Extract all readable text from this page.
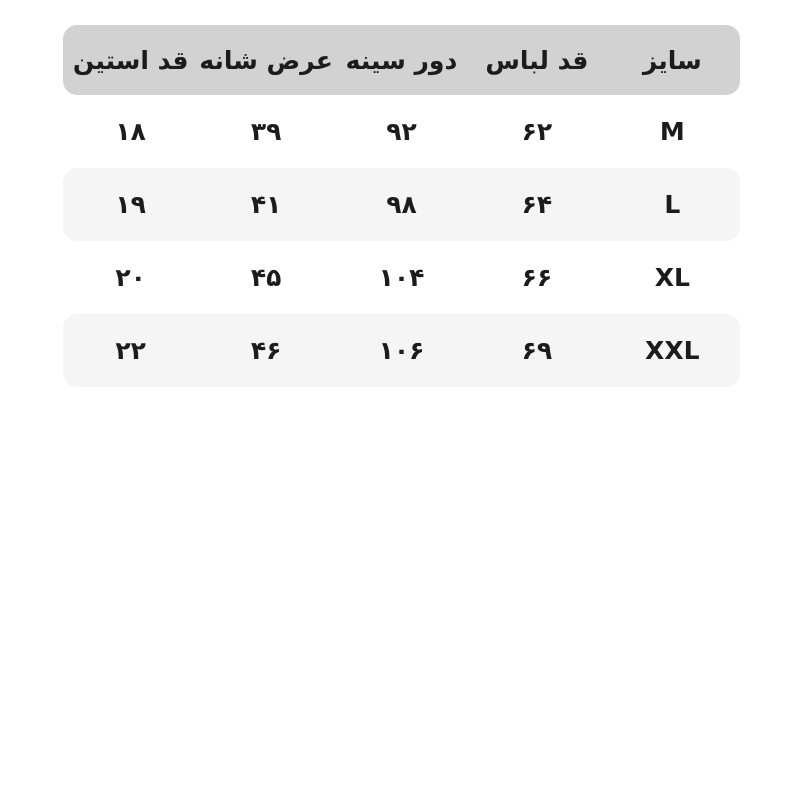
سایز
قد لباس
دور سینه
عرض شانه
قد استین
M
۶۲
۹۲
۳۹
۱۸
L
۶۴
۹۸
۴۱
۱۹
XL
۶۶
۱۰۴
۴۵
۲۰
XXL
۶۹
۱۰۶
۴۶
۲۲
